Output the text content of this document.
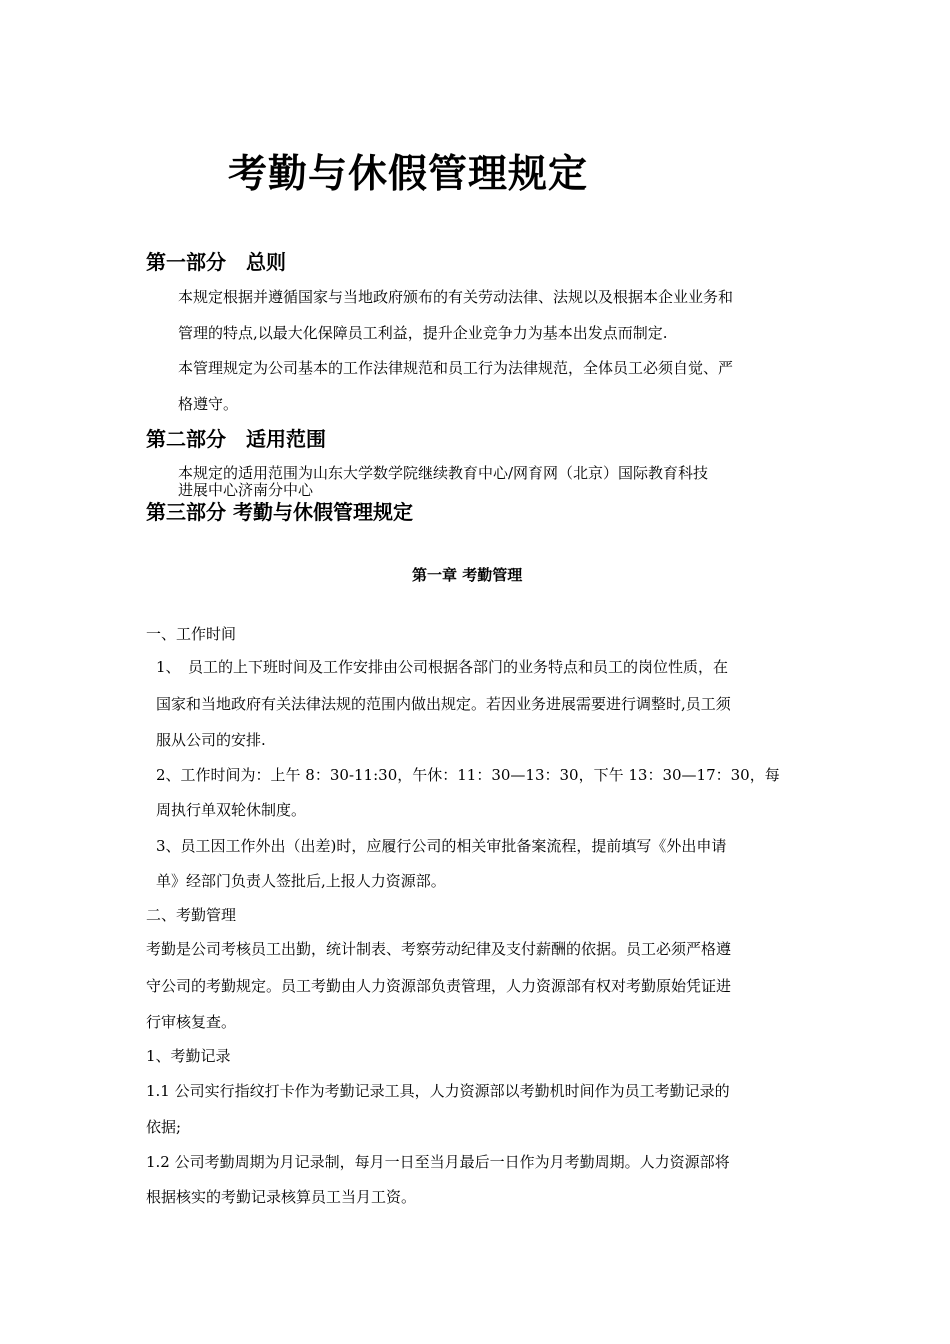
考勤与休假管理规定
第一部分　总则
本规定根据并遵循国家与当地政府颁布的有关劳动法律、法规以及根据本企业业务和
管理的特点,以最大化保障员工利益，提升企业竞争力为基本出发点而制定.
本管理规定为公司基本的工作法律规范和员工行为法律规范，全体员工必须自觉、严
格遵守。
第二部分　适用范围
本规定的适用范围为山东大学数学院继续教育中心/网育网（北京）国际教育科技
进展中心济南分中心
第三部分 考勤与休假管理规定
第一章 考勤管理
一、工作时间
1、　员工的上下班时间及工作安排由公司根据各部门的业务特点和员工的岗位性质，在
国家和当地政府有关法律法规的范围内做出规定。若因业务进展需要进行调整时,员工须
服从公司的安排.
2、工作时间为：上午 8：30-11:30，午休：11：30—13：30，下午 13：30—17：30，每
周执行单双轮休制度。
3、员工因工作外出（出差)时，应履行公司的相关审批备案流程，提前填写《外出申请
单》经部门负责人签批后,上报人力资源部。
二、考勤管理
考勤是公司考核员工出勤，统计制表、考察劳动纪律及支付薪酬的依据。员工必须严格遵
守公司的考勤规定。员工考勤由人力资源部负责管理，人力资源部有权对考勤原始凭证进
行审核复查。
1、考勤记录
1.1 公司实行指纹打卡作为考勤记录工具，人力资源部以考勤机时间作为员工考勤记录的
依据;
1.2 公司考勤周期为月记录制，每月一日至当月最后一日作为月考勤周期。人力资源部将
根据核实的考勤记录核算员工当月工资。
